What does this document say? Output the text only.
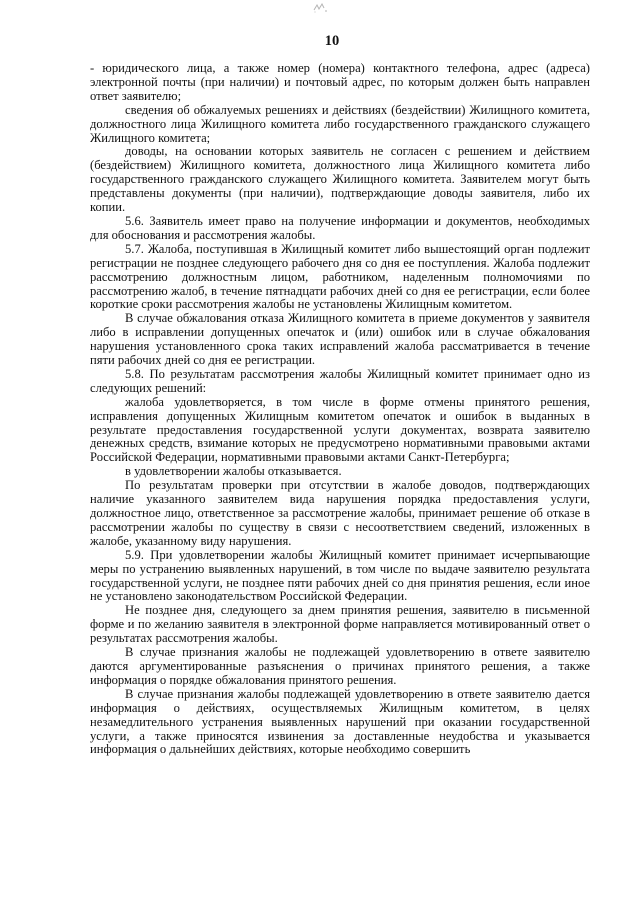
10

- юридического лица, а также номер (номера) контактного телефона, адрес (адреса) электронной почты (при наличии) и почтовый адрес, по которым должен быть направлен ответ заявителю;

сведения об обжалуемых решениях и действиях (бездействии) Жилищного комитета, должностного лица Жилищного комитета либо государственного гражданского служащего Жилищного комитета;

доводы, на основании которых заявитель не согласен с решением и действием (бездействием) Жилищного комитета, должностного лица Жилищного комитета либо государственного гражданского служащего Жилищного комитета. Заявителем могут быть представлены документы (при наличии), подтверждающие доводы заявителя, либо их копии.

5.6. Заявитель имеет право на получение информации и документов, необходимых для обоснования и рассмотрения жалобы.

5.7. Жалоба, поступившая в Жилищный комитет либо вышестоящий орган подлежит регистрации не позднее следующего рабочего дня со дня ее поступления. Жалоба подлежит рассмотрению должностным лицом, работником, наделенным полномочиями по рассмотрению жалоб, в течение пятнадцати рабочих дней со дня ее регистрации, если более короткие сроки рассмотрения жалобы не установлены Жилищным комитетом.

В случае обжалования отказа Жилищного комитета в приеме документов у заявителя либо в исправлении допущенных опечаток и (или) ошибок или в случае обжалования нарушения установленного срока таких исправлений жалоба рассматривается в течение пяти рабочих дней со дня ее регистрации.

5.8. По результатам рассмотрения жалобы Жилищный комитет принимает одно из следующих решений:

жалоба удовлетворяется, в том числе в форме отмены принятого решения, исправления допущенных Жилищным комитетом опечаток и ошибок в выданных в результате предоставления государственной услуги документах, возврата заявителю денежных средств, взимание которых не предусмотрено нормативными правовыми актами Российской Федерации, нормативными правовыми актами Санкт-Петербурга;

в удовлетворении жалобы отказывается.

По результатам проверки при отсутствии в жалобе доводов, подтверждающих наличие указанного заявителем вида нарушения порядка предоставления услуги, должностное лицо, ответственное за рассмотрение жалобы, принимает решение об отказе в рассмотрении жалобы по существу в связи с несоответствием сведений, изложенных в жалобе, указанному виду нарушения.

5.9. При удовлетворении жалобы Жилищный комитет принимает исчерпывающие меры по устранению выявленных нарушений, в том числе по выдаче заявителю результата государственной услуги, не позднее пяти рабочих дней со дня принятия решения, если иное не установлено законодательством Российской Федерации.

Не позднее дня, следующего за днем принятия решения, заявителю в письменной форме и по желанию заявителя в электронной форме направляется мотивированный ответ о результатах рассмотрения жалобы.

В случае признания жалобы не подлежащей удовлетворению в ответе заявителю даются аргументированные разъяснения о причинах принятого решения, а также информация о порядке обжалования принятого решения.

В случае признания жалобы подлежащей удовлетворению в ответе заявителю дается информация о действиях, осуществляемых Жилищным комитетом, в целях незамедлительного устранения выявленных нарушений при оказании государственной услуги, а также приносятся извинения за доставленные неудобства и указывается информация о дальнейших действиях, которые необходимо совершить
